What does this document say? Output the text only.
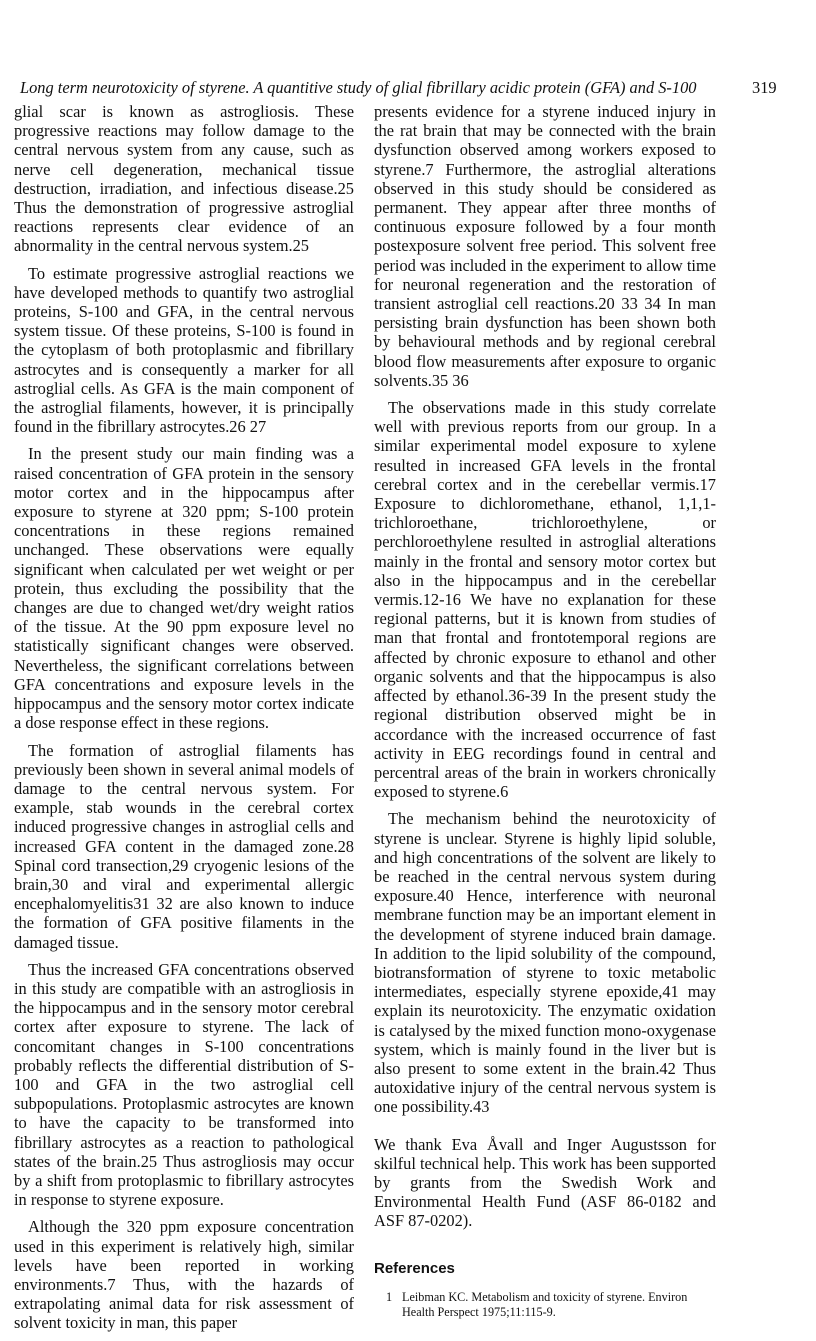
Long term neurotoxicity of styrene. A quantitive study of glial fibrillary acidic protein (GFA) and S-100	319

glial scar is known as astrogliosis. These progressive reactions may follow damage to the central nervous system from any cause, such as nerve cell degeneration, mechanical tissue destruction, irradiation, and infectious disease.25 Thus the demonstration of progressive astroglial reactions represents clear evidence of an abnormality in the central nervous system.25

To estimate progressive astroglial reactions we have developed methods to quantify two astroglial proteins, S-100 and GFA, in the central nervous system tissue. Of these proteins, S-100 is found in the cytoplasm of both protoplasmic and fibrillary astrocytes and is consequently a marker for all astroglial cells. As GFA is the main component of the astroglial filaments, however, it is principally found in the fibrillary astrocytes.26 27

In the present study our main finding was a raised concentration of GFA protein in the sensory motor cortex and in the hippocampus after exposure to styrene at 320 ppm; S-100 protein concentrations in these regions remained unchanged. These observations were equally significant when calculated per wet weight or per protein, thus excluding the possibility that the changes are due to changed wet/dry weight ratios of the tissue. At the 90 ppm exposure level no statistically significant changes were observed. Nevertheless, the significant correlations between GFA concentrations and exposure levels in the hippocampus and the sensory motor cortex indicate a dose response effect in these regions.

The formation of astroglial filaments has previously been shown in several animal models of damage to the central nervous system. For example, stab wounds in the cerebral cortex induced progressive changes in astroglial cells and increased GFA content in the damaged zone.28 Spinal cord transection,29 cryogenic lesions of the brain,30 and viral and experimental allergic encephalomyelitis31 32 are also known to induce the formation of GFA positive filaments in the damaged tissue.

Thus the increased GFA concentrations observed in this study are compatible with an astrogliosis in the hippocampus and in the sensory motor cerebral cortex after exposure to styrene. The lack of concomitant changes in S-100 concentrations probably reflects the differential distribution of S-100 and GFA in the two astroglial cell subpopulations. Protoplasmic astrocytes are known to have the capacity to be transformed into fibrillary astrocytes as a reaction to pathological states of the brain.25 Thus astrogliosis may occur by a shift from protoplasmic to fibrillary astrocytes in response to styrene exposure.

Although the 320 ppm exposure concentration used in this experiment is relatively high, similar levels have been reported in working environments.7 Thus, with the hazards of extrapolating animal data for risk assessment of solvent toxicity in man, this paper

presents evidence for a styrene induced injury in the rat brain that may be connected with the brain dysfunction observed among workers exposed to styrene.7 Furthermore, the astroglial alterations observed in this study should be considered as permanent. They appear after three months of continuous exposure followed by a four month postexposure solvent free period. This solvent free period was included in the experiment to allow time for neuronal regeneration and the restoration of transient astroglial cell reactions.20 33 34 In man persisting brain dysfunction has been shown both by behavioural methods and by regional cerebral blood flow measurements after exposure to organic solvents.35 36

The observations made in this study correlate well with previous reports from our group. In a similar experimental model exposure to xylene resulted in increased GFA levels in the frontal cerebral cortex and in the cerebellar vermis.17 Exposure to dichloromethane, ethanol, 1,1,1-trichloroethane, trichloroethylene, or perchloroethylene resulted in astroglial alterations mainly in the frontal and sensory motor cortex but also in the hippocampus and in the cerebellar vermis.12-16 We have no explanation for these regional patterns, but it is known from studies of man that frontal and frontotemporal regions are affected by chronic exposure to ethanol and other organic solvents and that the hippocampus is also affected by ethanol.36-39 In the present study the regional distribution observed might be in accordance with the increased occurrence of fast activity in EEG recordings found in central and percentral areas of the brain in workers chronically exposed to styrene.6

The mechanism behind the neurotoxicity of styrene is unclear. Styrene is highly lipid soluble, and high concentrations of the solvent are likely to be reached in the central nervous system during exposure.40 Hence, interference with neuronal membrane function may be an important element in the development of styrene induced brain damage. In addition to the lipid solubility of the compound, biotransformation of styrene to toxic metabolic intermediates, especially styrene epoxide,41 may explain its neurotoxicity. The enzymatic oxidation is catalysed by the mixed function mono-oxygenase system, which is mainly found in the liver but is also present to some extent in the brain.42 Thus autoxidative injury of the central nervous system is one possibility.43

We thank Eva Åvall and Inger Augustsson for skilful technical help. This work has been supported by grants from the Swedish Work and Environmental Health Fund (ASF 86-0182 and ASF 87-0202).

References
1 Leibman KC. Metabolism and toxicity of styrene. Environ Health Perspect 1975;11:115-9.
